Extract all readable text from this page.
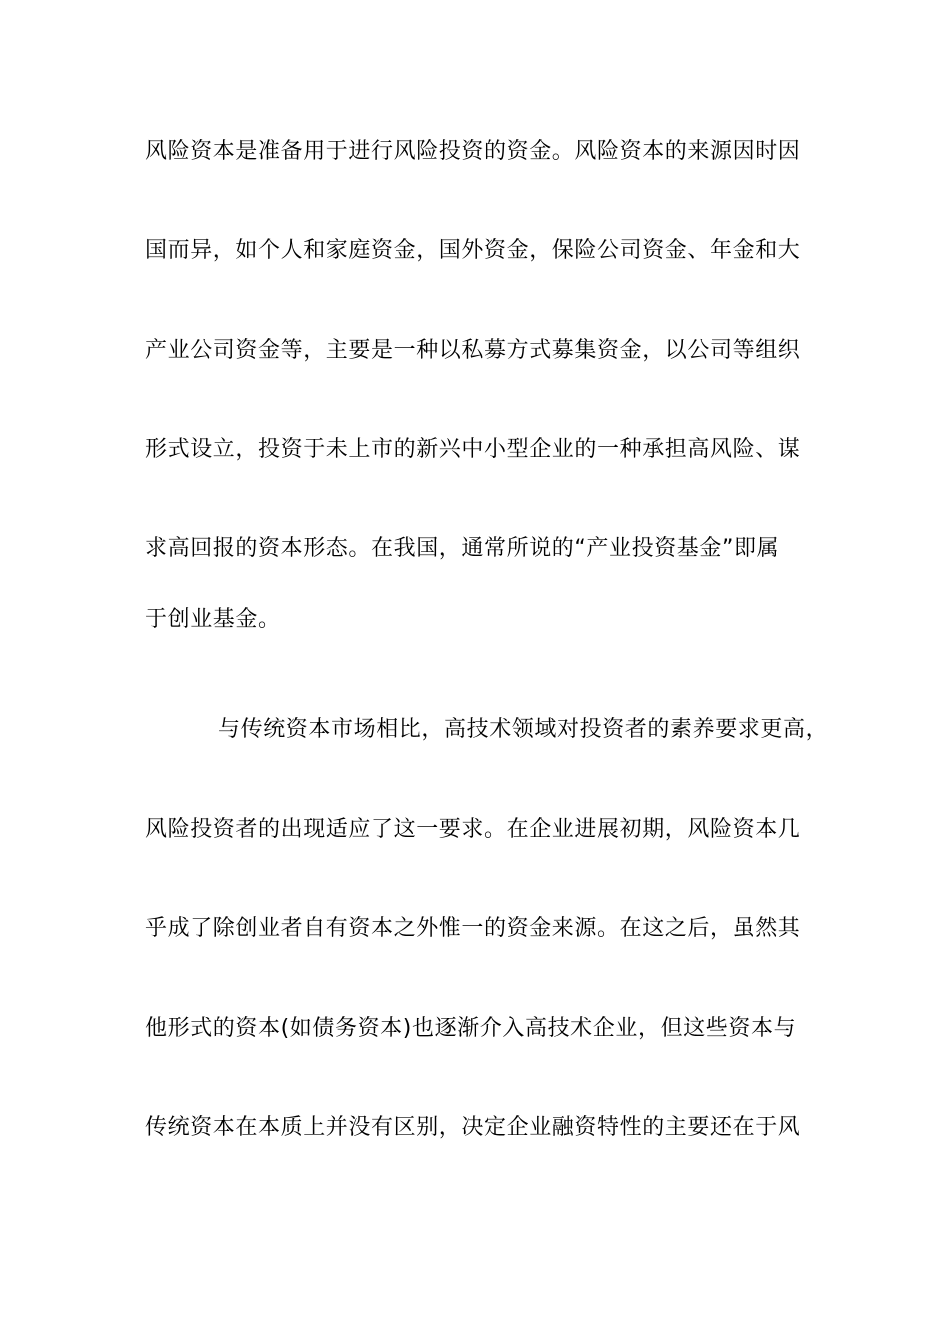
风险资本是准备用于进行风险投资的资金。风险资本的来源因时因
国而异，如个人和家庭资金，国外资金，保险公司资金、年金和大
产业公司资金等，主要是一种以私募方式募集资金，以公司等组织
形式设立，投资于未上市的新兴中小型企业的一种承担高风险、谋
求高回报的资本形态。在我国，通常所说的“产业投资基金”即属
于创业基金。
与传统资本市场相比，高技术领域对投资者的素养要求更高，
风险投资者的出现适应了这一要求。在企业进展初期，风险资本几
乎成了除创业者自有资本之外惟一的资金来源。在这之后，虽然其
他形式的资本(如债务资本)也逐渐介入高技术企业，但这些资本与
传统资本在本质上并没有区别，决定企业融资特性的主要还在于风
